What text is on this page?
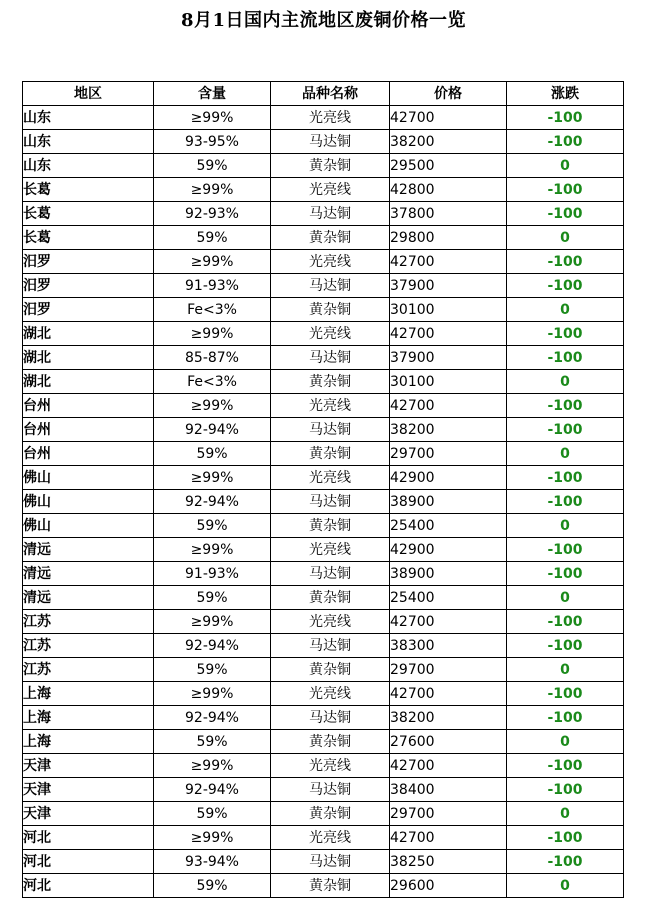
8月1日国内主流地区废铜价格一览
地区	含量	品种名称	价格	涨跌
山东	≥99%	光亮线	42700	-100
山东	93-95%	马达铜	38200	-100
山东	59%	黄杂铜	29500	0
长葛	≥99%	光亮线	42800	-100
长葛	92-93%	马达铜	37800	-100
长葛	59%	黄杂铜	29800	0
汨罗	≥99%	光亮线	42700	-100
汨罗	91-93%	马达铜	37900	-100
汨罗	Fe<3%	黄杂铜	30100	0
湖北	≥99%	光亮线	42700	-100
湖北	85-87%	马达铜	37900	-100
湖北	Fe<3%	黄杂铜	30100	0
台州	≥99%	光亮线	42700	-100
台州	92-94%	马达铜	38200	-100
台州	59%	黄杂铜	29700	0
佛山	≥99%	光亮线	42900	-100
佛山	92-94%	马达铜	38900	-100
佛山	59%	黄杂铜	25400	0
清远	≥99%	光亮线	42900	-100
清远	91-93%	马达铜	38900	-100
清远	59%	黄杂铜	25400	0
江苏	≥99%	光亮线	42700	-100
江苏	92-94%	马达铜	38300	-100
江苏	59%	黄杂铜	29700	0
上海	≥99%	光亮线	42700	-100
上海	92-94%	马达铜	38200	-100
上海	59%	黄杂铜	27600	0
天津	≥99%	光亮线	42700	-100
天津	92-94%	马达铜	38400	-100
天津	59%	黄杂铜	29700	0
河北	≥99%	光亮线	42700	-100
河北	93-94%	马达铜	38250	-100
河北	59%	黄杂铜	29600	0
